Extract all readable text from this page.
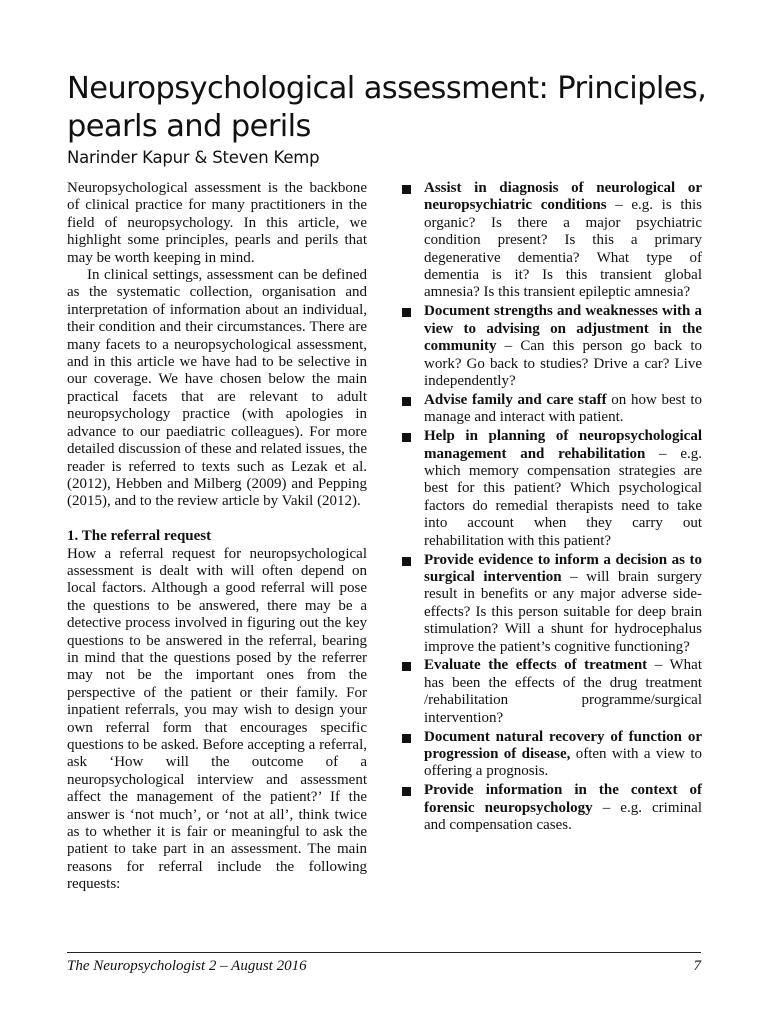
Neuropsychological assessment: Principles, pearls and perils

Narinder Kapur & Steven Kemp

Neuropsychological assessment is the backbone of clinical practice for many practitioners in the field of neuropsychology. In this article, we highlight some principles, pearls and perils that may be worth keeping in mind.

In clinical settings, assessment can be defined as the systematic collection, organisation and interpretation of information about an individual, their condition and their circumstances. There are many facets to a neuropsychological assessment, and in this article we have had to be selective in our coverage. We have chosen below the main practical facets that are relevant to adult neuropsychology practice (with apologies in advance to our paediatric colleagues). For more detailed discussion of these and related issues, the reader is referred to texts such as Lezak et al. (2012), Hebben and Milberg (2009) and Pepping (2015), and to the review article by Vakil (2012).

1. The referral request

How a referral request for neuropsychological assessment is dealt with will often depend on local factors. Although a good referral will pose the questions to be answered, there may be a detective process involved in figuring out the key questions to be answered in the referral, bearing in mind that the questions posed by the referrer may not be the important ones from the perspective of the patient or their family. For inpatient referrals, you may wish to design your own referral form that encourages specific questions to be asked. Before accepting a referral, ask ‘How will the outcome of a neuropsychological interview and assessment affect the management of the patient?’ If the answer is ‘not much’, or ‘not at all’, think twice as to whether it is fair or meaningful to ask the patient to take part in an assessment. The main reasons for referral include the following requests:

Assist in diagnosis of neurological or neuropsychiatric conditions – e.g. is this organic? Is there a major psychiatric condition present? Is this a primary degenerative dementia? What type of dementia is it? Is this transient global amnesia? Is this transient epileptic amnesia?
Document strengths and weaknesses with a view to advising on adjustment in the community – Can this person go back to work? Go back to studies? Drive a car? Live independently?
Advise family and care staff on how best to manage and interact with patient.
Help in planning of neuropsychological management and rehabilitation – e.g. which memory compensation strategies are best for this patient? Which psychological factors do remedial therapists need to take into account when they carry out rehabilitation with this patient?
Provide evidence to inform a decision as to surgical intervention – will brain surgery result in benefits or any major adverse side-effects? Is this person suitable for deep brain stimulation? Will a shunt for hydrocephalus improve the patient’s cognitive functioning?
Evaluate the effects of treatment – What has been the effects of the drug treatment /rehabilitation programme/surgical intervention?
Document natural recovery of function or progression of disease, often with a view to offering a prognosis.
Provide information in the context of forensic neuropsychology – e.g. criminal and compensation cases.
The Neuropsychologist 2 – August 2016	7
